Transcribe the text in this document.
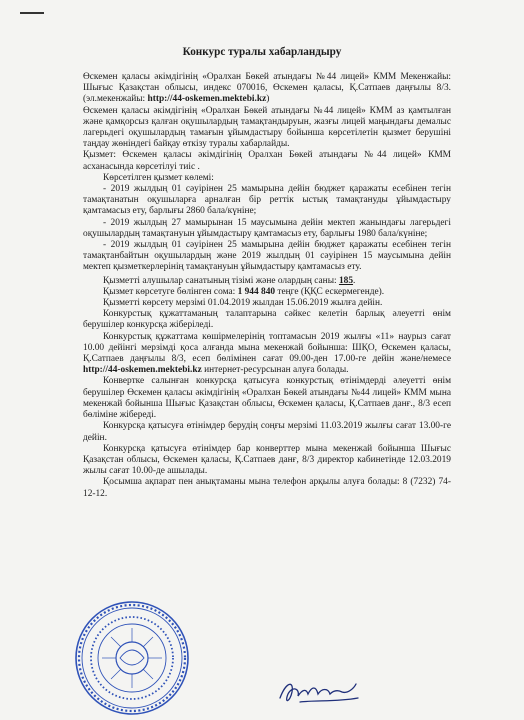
Конкурс туралы хабарландыру

Өскемен қаласы әкімдігінің «Оралхан Бөкей атындағы №44 лицей» КММ Мекенжайы: Шығыс Қазақстан облысы, индекс 070016, Өскемен қаласы, Қ.Сатпаев даңғылы 8/3. (эл.мекенжайы: http://44-oskemen.mektebi.kz)

Өскемен қаласы әкімдігінің «Оралхан Бөкей атындағы №44 лицей» КММ аз қамтылған және қамқорсыз қалған оқушылардың тамақтандыруын, жазғы лицей маңындағы демалыс лагерьдегі оқушылардың тамағын ұйымдастыру бойынша көрсетілетін қызмет берушіні таңдау жөніндегі байқау өткізу туралы хабарлайды.

Қызмет: Өскемен қаласы әкімдігінің Оралхан Бөкей атындағы №44 лицей» КММ асханасында көрсетілуі тиіс .

Көрсетілген қызмет көлемі:

- 2019 жылдың 01 сәуірінен 25 мамырына дейін бюджет қаражаты есебінен тегін тамақтанатын оқушыларға арналған бір реттік ыстық тамақтануды ұйымдастыру қамтамасыз ету, барлығы 2860 бала/күніне;

- 2019 жылдың 27 мамырынан 15 маусымына дейін мектеп жанындағы лагерьдегі оқушылардың тамақтануын ұйымдастыру қамтамасыз ету, барлығы 1980 бала/күніне;

- 2019 жылдың 01 сәуірінен 25 мамырына дейін бюджет қаражаты есебінен тегін тамақтанбайтын оқушылардың және 2019 жылдың 01 сәуірінен 15 маусымына дейін мектеп қызметкерлерінің тамақтануын ұйымдастыру қамтамасыз ету.

Қызметті алушылар санатының тізімі және олардың саны: 185.

Қызмет көрсетуге бөлінген сома: 1 944 840 теңге (ҚҚС ескермегенде).

Қызметті көрсету мерзімі 01.04.2019 жылдан 15.06.2019 жылға дейін.

Конкурстық құжаттаманың талаптарына сәйкес келетін барлық әлеуетті өнім берушілер конкурсқа жіберіледі.

Конкурстық құжаттама көшірмелерінің топтамасын 2019 жылғы «11» наурыз сағат 10.00 дейінгі мерзімді қоса алғанда мына мекенжай бойынша: ШҚО, Өскемен қаласы, Қ.Сатпаев даңғылы 8/3, есеп бөлімінен сағат 09.00-ден 17.00-ге дейін және/немесе http://44-oskemen.mektebi.kz интернет-ресурсынан алуға болады.

Конвертке салынған конкурсқа қатысуға конкурстық өтінімдерді әлеуетті өнім берушілер Өскемен қаласы әкімдігінің «Оралхан Бөкей атындағы №44 лицей» КММ мына мекенжай бойынша Шығыс Қазақстан облысы, Өскемен қаласы, Қ.Сатпаев данғ., 8/3 есеп бөлiмiне жiбередi.

Конкурсқа қатысуға өтінімдер берудің соңғы мерзімі 11.03.2019 жылғы сағат 13.00-ге дейін.

Конкурсқа қатысуға өтінімдер бар конверттер мына мекенжай бойынша Шығыс Қазақстан облысы, Өскемен қаласы, Қ.Сатпаев данғ, 8/3 директор кабинетінде 12.03.2019 жылы сағат 10.00-де ашылады.

Қосымша ақпарат пен анықтаманы мына телефон арқылы алуға болады: 8 (7232) 74-12-12.
